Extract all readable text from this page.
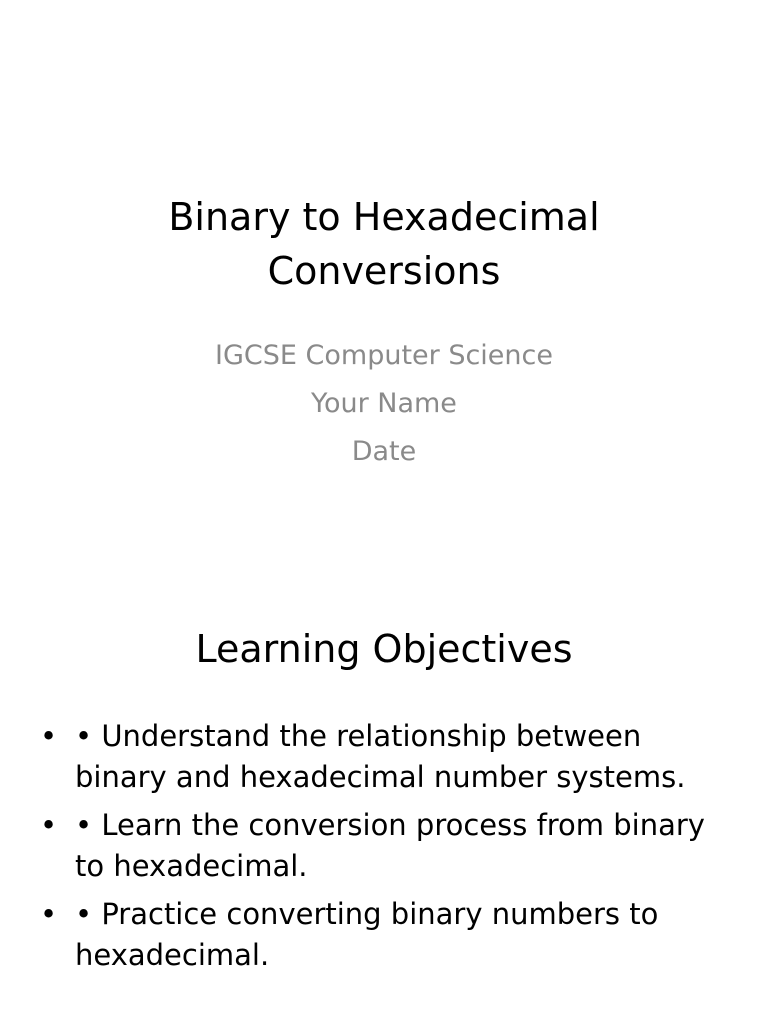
Binary to Hexadecimal Conversions
IGCSE Computer Science
Your Name
Date
Learning Objectives
• • Understand the relationship between binary and hexadecimal number systems.
• • Learn the conversion process from binary to hexadecimal.
• • Practice converting binary numbers to hexadecimal.
